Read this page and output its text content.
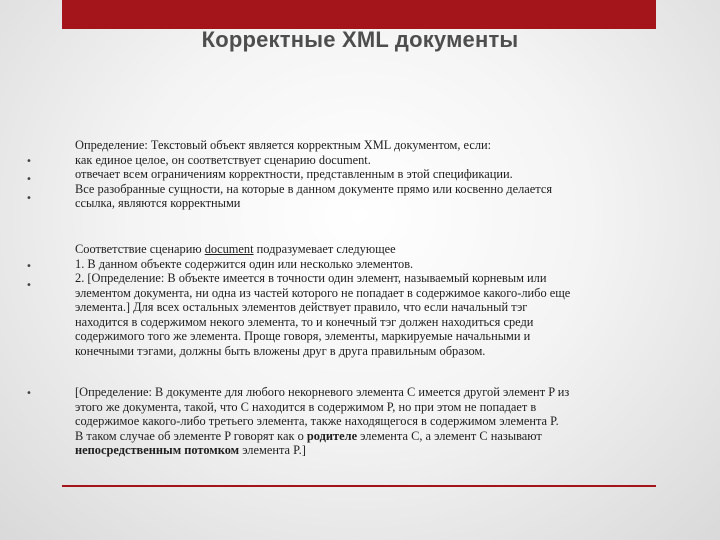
Корректные XML документы
Определение: Текстовый объект является корректным XML документом, если:
как единое целое, он соответствует сценарию document.
отвечает всем ограничениям корректности, представленным в этой спецификации.
Все разобранные сущности, на которые в данном документе прямо или косвенно делается
ссылка, являются корректными
•
•
•
Соответствие сценарию document подразумевает следующее
1. В данном объекте содержится один или несколько элементов.
2. [Определение: В объекте имеется в точности один элемент, называемый корневым или
элементом документа, ни одна из частей которого не попадает в содержимое какого-либо еще
элемента.] Для всех остальных элементов действует правило, что если начальный тэг
находится в содержимом некого элемента, то и конечный тэг должен находиться среди
содержимого того же элемента. Проще говоря, элементы, маркируемые начальными и
конечными тэгами, должны быть вложены друг в друга правильным образом.
•
•
[Определение: В документе для любого некорневого элемента C имеется другой элемент P из
этого же документа, такой, что C находится в содержимом P, но при этом не попадает в
содержимое какого-либо третьего элемента, также находящегося в содержимом элемента P.
В таком случае об элементе P говорят как о родителе элемента C, а элемент C называют
непосредственным потомком элемента P.]
•
